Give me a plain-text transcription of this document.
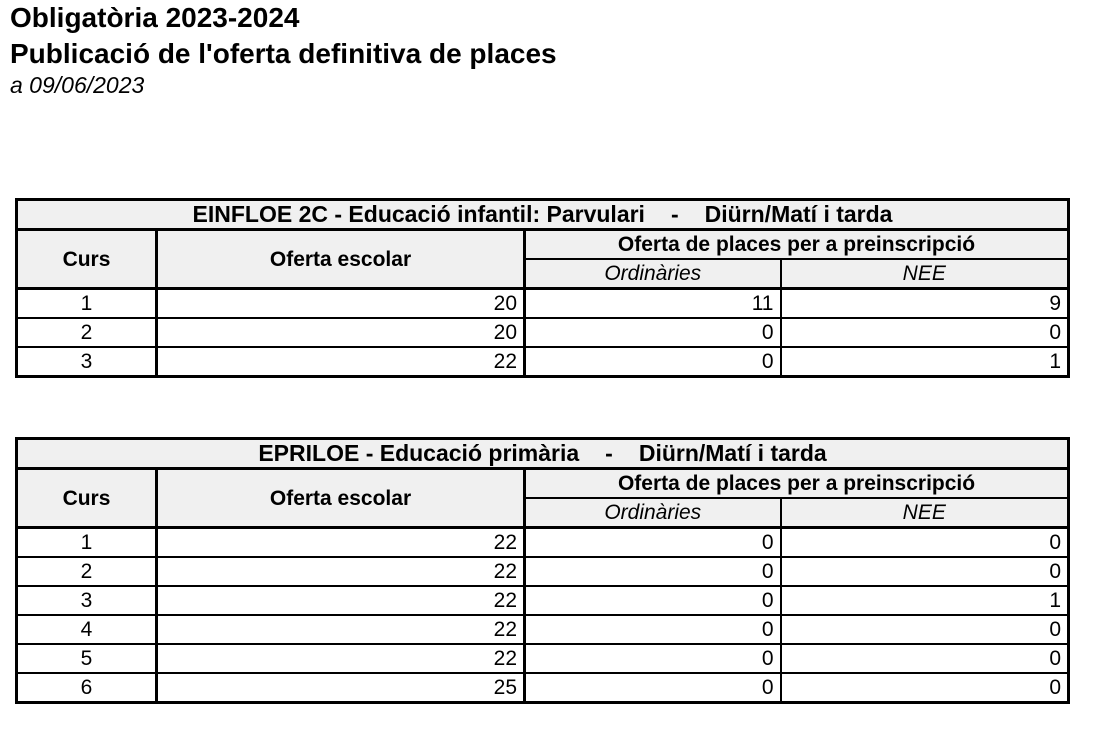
Obligatòria 2023-2024
Publicació de l'oferta definitiva de places
a 09/06/2023
EINFLOE 2C - Educació infantil: Parvulari - Diürn/Matí i tarda			
Curs	Oferta escolar	Oferta de places per a preinscripció	
		Ordinàries	NEE
1	20	11	9
2	20	0	0
3	22	0	1
EPRILOE - Educació primària - Diürn/Matí i tarda			
Curs	Oferta escolar	Oferta de places per a preinscripció	
		Ordinàries	NEE
1	22	0	0
2	22	0	0
3	22	0	1
4	22	0	0
5	22	0	0
6	25	0	0
